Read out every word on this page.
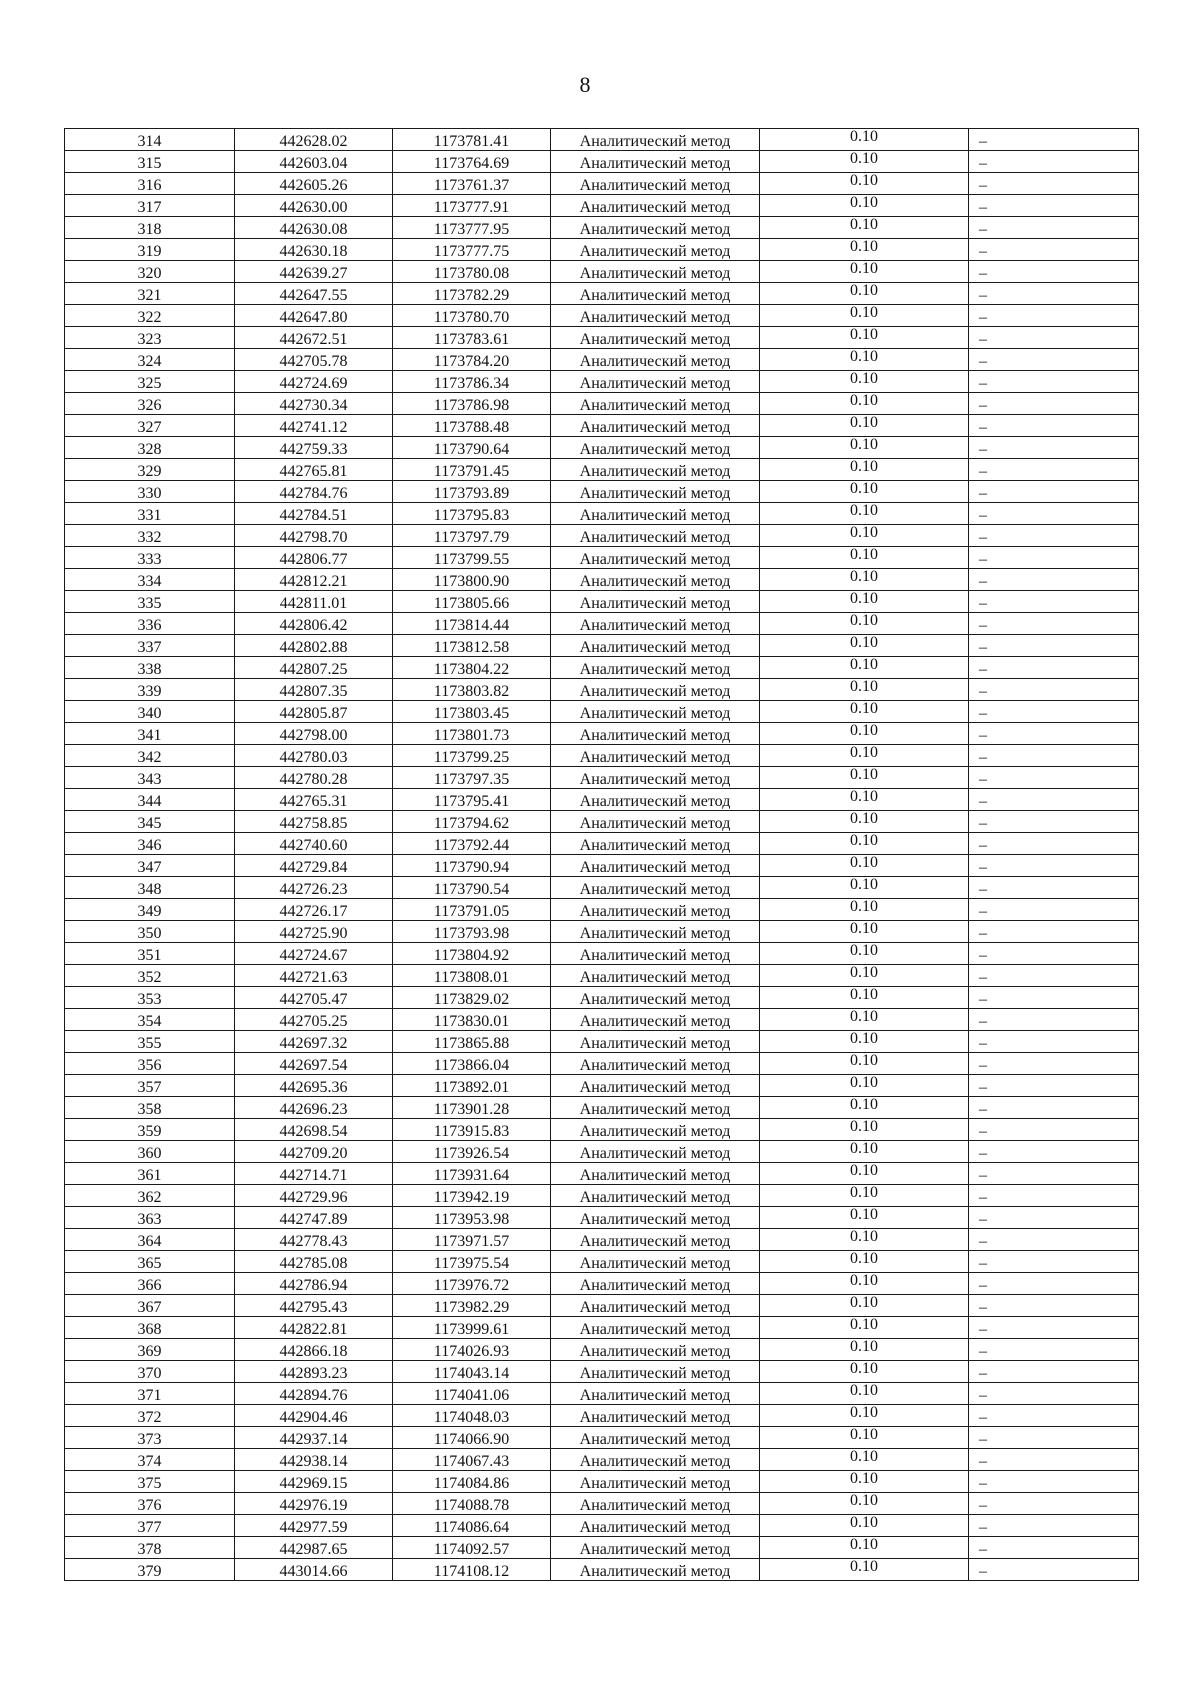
8
314	442628.02	1173781.41	Аналитический метод	0.10	–
315	442603.04	1173764.69	Аналитический метод	0.10	–
316	442605.26	1173761.37	Аналитический метод	0.10	–
317	442630.00	1173777.91	Аналитический метод	0.10	–
318	442630.08	1173777.95	Аналитический метод	0.10	–
319	442630.18	1173777.75	Аналитический метод	0.10	–
320	442639.27	1173780.08	Аналитический метод	0.10	–
321	442647.55	1173782.29	Аналитический метод	0.10	–
322	442647.80	1173780.70	Аналитический метод	0.10	–
323	442672.51	1173783.61	Аналитический метод	0.10	–
324	442705.78	1173784.20	Аналитический метод	0.10	–
325	442724.69	1173786.34	Аналитический метод	0.10	–
326	442730.34	1173786.98	Аналитический метод	0.10	–
327	442741.12	1173788.48	Аналитический метод	0.10	–
328	442759.33	1173790.64	Аналитический метод	0.10	–
329	442765.81	1173791.45	Аналитический метод	0.10	–
330	442784.76	1173793.89	Аналитический метод	0.10	–
331	442784.51	1173795.83	Аналитический метод	0.10	–
332	442798.70	1173797.79	Аналитический метод	0.10	–
333	442806.77	1173799.55	Аналитический метод	0.10	–
334	442812.21	1173800.90	Аналитический метод	0.10	–
335	442811.01	1173805.66	Аналитический метод	0.10	–
336	442806.42	1173814.44	Аналитический метод	0.10	–
337	442802.88	1173812.58	Аналитический метод	0.10	–
338	442807.25	1173804.22	Аналитический метод	0.10	–
339	442807.35	1173803.82	Аналитический метод	0.10	–
340	442805.87	1173803.45	Аналитический метод	0.10	–
341	442798.00	1173801.73	Аналитический метод	0.10	–
342	442780.03	1173799.25	Аналитический метод	0.10	–
343	442780.28	1173797.35	Аналитический метод	0.10	–
344	442765.31	1173795.41	Аналитический метод	0.10	–
345	442758.85	1173794.62	Аналитический метод	0.10	–
346	442740.60	1173792.44	Аналитический метод	0.10	–
347	442729.84	1173790.94	Аналитический метод	0.10	–
348	442726.23	1173790.54	Аналитический метод	0.10	–
349	442726.17	1173791.05	Аналитический метод	0.10	–
350	442725.90	1173793.98	Аналитический метод	0.10	–
351	442724.67	1173804.92	Аналитический метод	0.10	–
352	442721.63	1173808.01	Аналитический метод	0.10	–
353	442705.47	1173829.02	Аналитический метод	0.10	–
354	442705.25	1173830.01	Аналитический метод	0.10	–
355	442697.32	1173865.88	Аналитический метод	0.10	–
356	442697.54	1173866.04	Аналитический метод	0.10	–
357	442695.36	1173892.01	Аналитический метод	0.10	–
358	442696.23	1173901.28	Аналитический метод	0.10	–
359	442698.54	1173915.83	Аналитический метод	0.10	–
360	442709.20	1173926.54	Аналитический метод	0.10	–
361	442714.71	1173931.64	Аналитический метод	0.10	–
362	442729.96	1173942.19	Аналитический метод	0.10	–
363	442747.89	1173953.98	Аналитический метод	0.10	–
364	442778.43	1173971.57	Аналитический метод	0.10	–
365	442785.08	1173975.54	Аналитический метод	0.10	–
366	442786.94	1173976.72	Аналитический метод	0.10	–
367	442795.43	1173982.29	Аналитический метод	0.10	–
368	442822.81	1173999.61	Аналитический метод	0.10	–
369	442866.18	1174026.93	Аналитический метод	0.10	–
370	442893.23	1174043.14	Аналитический метод	0.10	–
371	442894.76	1174041.06	Аналитический метод	0.10	–
372	442904.46	1174048.03	Аналитический метод	0.10	–
373	442937.14	1174066.90	Аналитический метод	0.10	–
374	442938.14	1174067.43	Аналитический метод	0.10	–
375	442969.15	1174084.86	Аналитический метод	0.10	–
376	442976.19	1174088.78	Аналитический метод	0.10	–
377	442977.59	1174086.64	Аналитический метод	0.10	–
378	442987.65	1174092.57	Аналитический метод	0.10	–
379	443014.66	1174108.12	Аналитический метод	0.10	–
